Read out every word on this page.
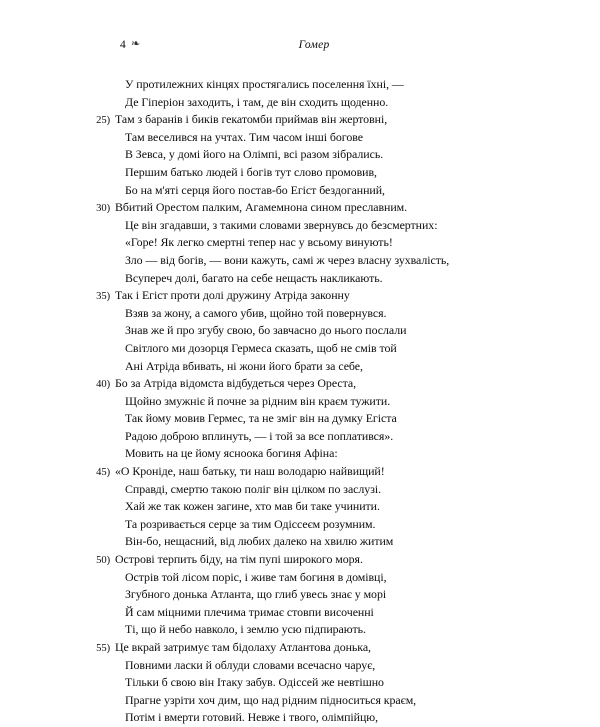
4 ❧	Гомер
У протилежних кінцях простягались поселення їхні, —
Де Гіперіон заходить, і там, де він сходить щоденно.
25) Там з баранів і биків гекатомби приймав він жертовні,
Там веселився на учтах. Тим часом інші богове
В Зевса, у домі його на Олімпі, всі разом зібрались.
Першим батько людей і богів тут слово промовив,
Бо на м'яті серця його постав-бо Егіст бездоганний,
30) Вбитий Орестом палким, Агамемнона сином преславним.
Це він згадавши, з такими словами звернувсь до безсмертних:
«Горе! Як легко смертні тепер нас у всьому винують!
Зло — від богів, — вони кажуть, самі ж через власну зухвалість,
Всупереч долі, багато на себе нещасть накликають.
35) Так і Егіст проти долі дружину Атріда законну
Взяв за жону, а самого убив, щойно той повернувся.
Знав же й про згубу свою, бо завчасно до нього послали
Світлого ми дозорця Гермеса сказать, щоб не смів той
Ані Атріда вбивать, ні жони його брати за себе,
40) Бо за Атріда відомста відбудеться через Ореста,
Щойно змужніє й почне за рідним він краєм тужити.
Так йому мовив Гермес, та не зміг він на думку Егіста
Радою доброю вплинуть, — і той за все поплатився».
Мовить на це йому ясноока богиня Афіна:
45) «О Кроніде, наш батьку, ти наш володарю найвищий!
Справді, смертю такою поліг він цілком по заслузі.
Хай же так кожен загине, хто мав би таке учинити.
Та розривається серце за тим Одіссеєм розумним.
Він-бо, нещасний, від любих далеко на хвилю житим
50) Острові терпить біду, на тім пупі широкого моря.
Острів той лісом поріс, і живе там богиня в домівці,
Згубного донька Атланта, що глиб увесь знає у морі
Й сам міцними плечима тримає стовпи височенні
Ті, що й небо навколо, і землю усю підпирають.
55) Це вкрай затримує там бідолаху Атлантова донька,
Повними ласки й облуди словами всечасно чарує,
Тільки б свою він Ітаку забув. Одіссей же невтішно
Прагне узріти хоч дим, що над рідним підноситься краєм,
Потім і вмерти готовий. Невже і твого, олімпійцю,
